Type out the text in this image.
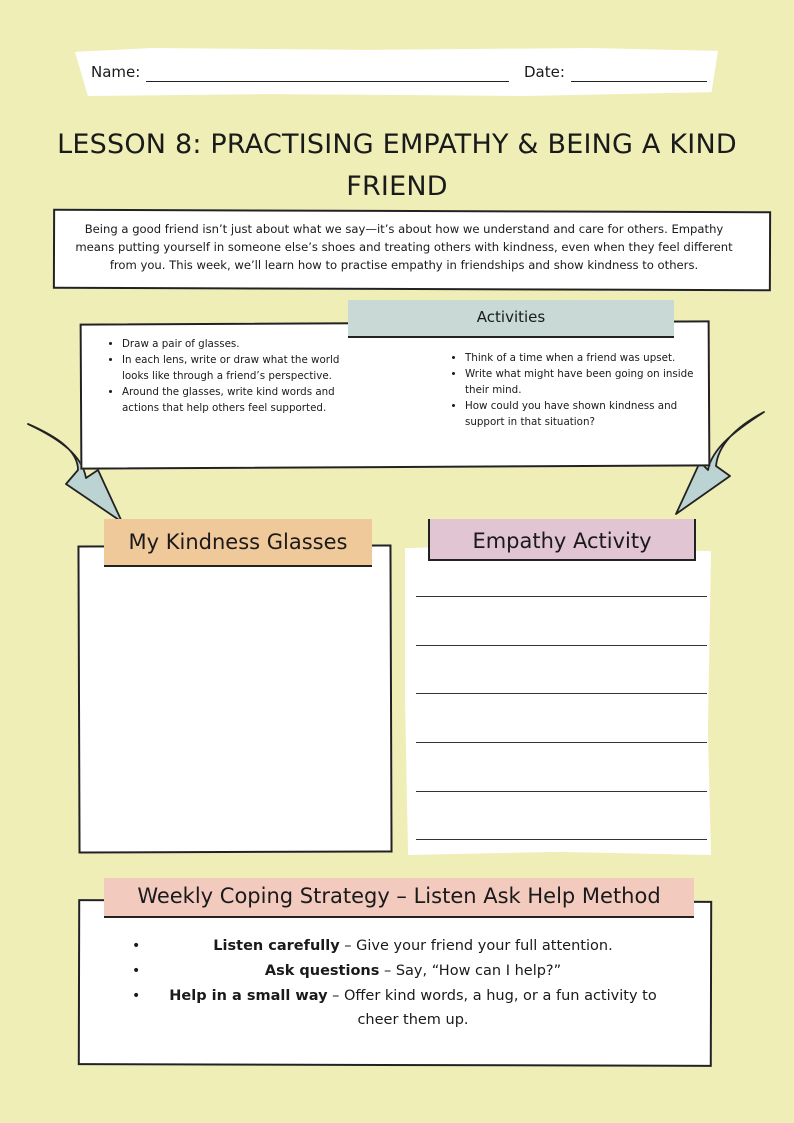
Name:	Date:
LESSON 8: PRACTISING EMPATHY & BEING A KIND FRIEND
Being a good friend isn’t just about what we say—it’s about how we understand and care for others. Empathy means putting yourself in someone else’s shoes and treating others with kindness, even when they feel different from you. This week, we’ll learn how to practise empathy in friendships and show kindness to others.
Activities
• Draw a pair of glasses.
• In each lens, write or draw what the world looks like through a friend’s perspective.
• Around the glasses, write kind words and actions that help others feel supported.
• Think of a time when a friend was upset.
• Write what might have been going on inside their mind.
• How could you have shown kindness and support in that situation?
My Kindness Glasses	Empathy Activity
Weekly Coping Strategy – Listen Ask Help Method
•	Listen carefully – Give your friend your full attention.
•	Ask questions – Say, “How can I help?”
•	Help in a small way – Offer kind words, a hug, or a fun activity to cheer them up.
